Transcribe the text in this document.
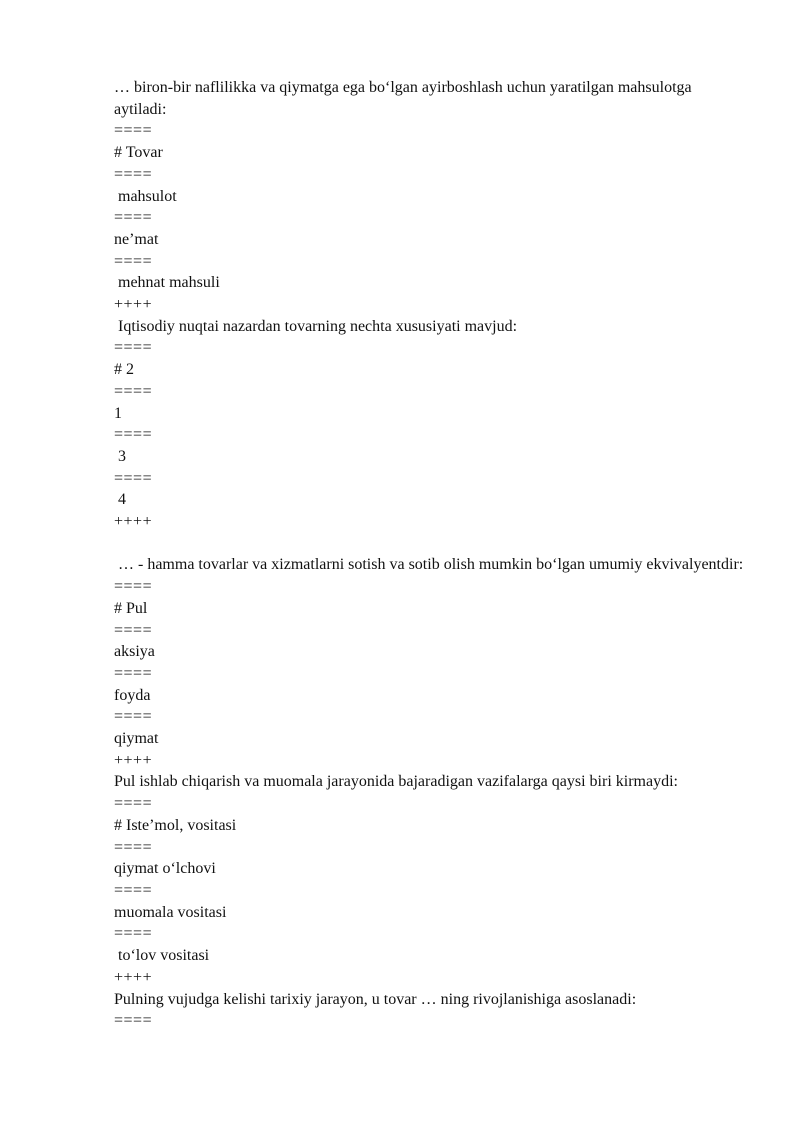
… biron-bir naflilikka va qiymatga ega bo‘lgan ayirboshlash uchun yaratilgan mahsulotga aytiladi:
====
# Tovar
====
mahsulot
====
ne’mat
====
mehnat mahsuli
++++
Iqtisodiy nuqtai nazardan tovarning nechta xususiyati mavjud:
====
# 2
====
1
====
3
====
4
++++
… - hamma tovarlar va xizmatlarni sotish va sotib olish mumkin bo‘lgan umumiy ekvivalyentdir:
====
# Pul
====
aksiya
====
foyda
====
qiymat
++++
Pul ishlab chiqarish va muomala jarayonida bajaradigan vazifalarga qaysi biri kirmaydi:
====
# Iste’mol, vositasi
====
qiymat o‘lchovi
====
muomala vositasi
====
to‘lov vositasi
++++
Pulning vujudga kelishi tarixiy jarayon, u tovar … ning rivojlanishiga asoslanadi:
====
